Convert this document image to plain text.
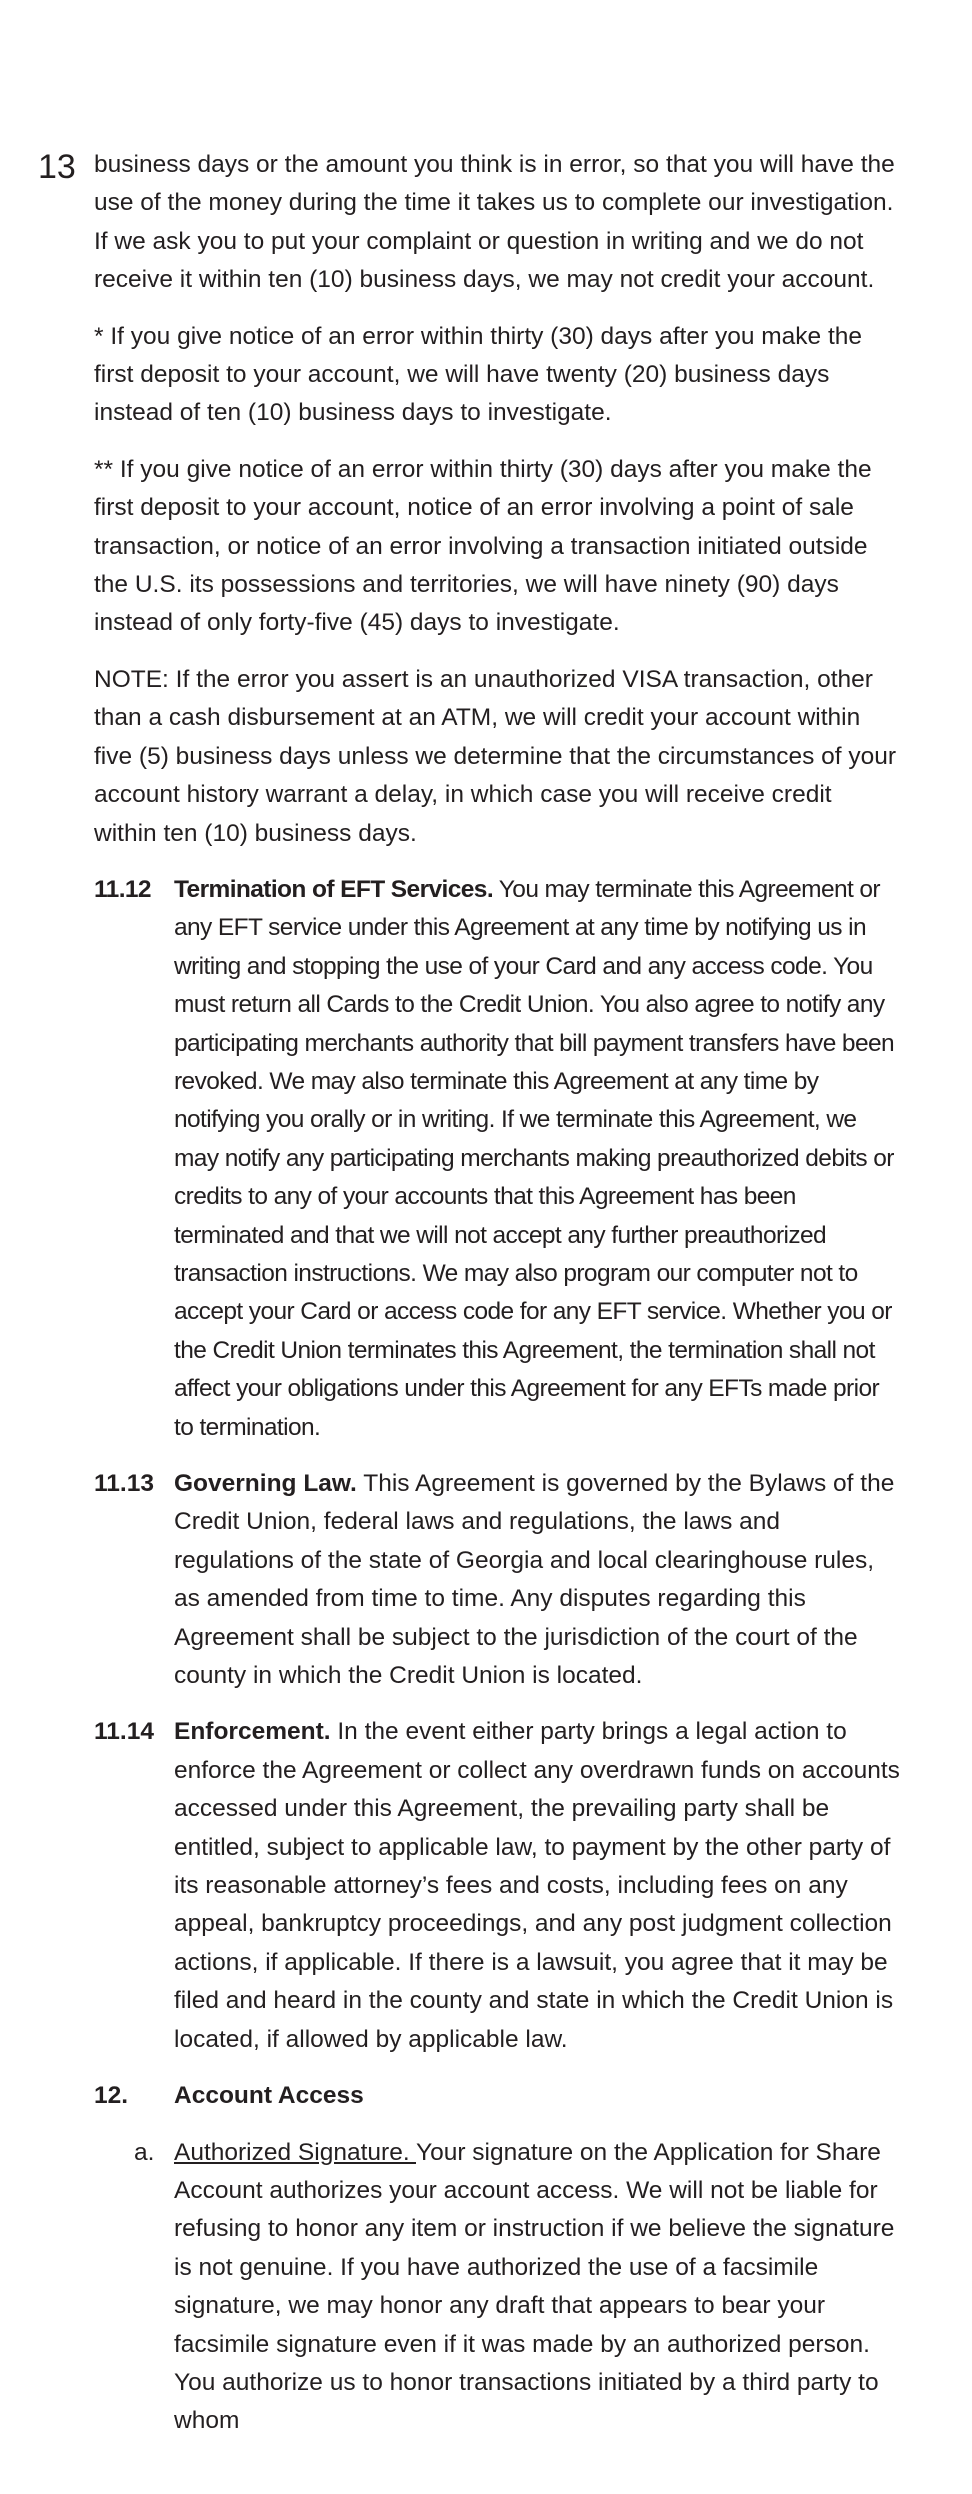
13 business days or the amount you think is in error, so that you will have the use of the money during the time it takes us to complete our investigation. If we ask you to put your complaint or question in writing and we do not receive it within ten (10) business days, we may not credit your account.

* If you give notice of an error within thirty (30) days after you make the first deposit to your account, we will have twenty (20) business days instead of ten (10) business days to investigate.

** If you give notice of an error within thirty (30) days after you make the first deposit to your account, notice of an error involving a point of sale transaction, or notice of an error involving a transaction initiated outside the U.S. its possessions and territories, we will have ninety (90) days instead of only forty-five (45) days to investigate.

NOTE: If the error you assert is an unauthorized VISA transaction, other than a cash disbursement at an ATM, we will credit your account within five (5) business days unless we determine that the circumstances of your account history warrant a delay, in which case you will receive credit within ten (10) business days.

11.12 Termination of EFT Services. You may terminate this Agreement or any EFT service under this Agreement at any time by notifying us in writing and stopping the use of your Card and any access code. You must return all Cards to the Credit Union. You also agree to notify any participating merchants authority that bill payment transfers have been revoked. We may also terminate this Agreement at any time by notifying you orally or in writing. If we terminate this Agreement, we may notify any participating merchants making preauthorized debits or credits to any of your accounts that this Agreement has been terminated and that we will not accept any further preauthorized transaction instructions. We may also program our computer not to accept your Card or access code for any EFT service. Whether you or the Credit Union terminates this Agreement, the termination shall not affect your obligations under this Agreement for any EFTs made prior to termination.
11.13 Governing Law. This Agreement is governed by the Bylaws of the Credit Union, federal laws and regulations, the laws and regulations of the state of Georgia and local clearinghouse rules, as amended from time to time. Any disputes regarding this Agreement shall be subject to the jurisdiction of the court of the county in which the Credit Union is located.
11.14 Enforcement. In the event either party brings a legal action to enforce the Agreement or collect any overdrawn funds on accounts accessed under this Agreement, the prevailing party shall be entitled, subject to applicable law, to payment by the other party of its reasonable attorney’s fees and costs, including fees on any appeal, bankruptcy proceedings, and any post judgment collection actions, if applicable. If there is a lawsuit, you agree that it may be filed and heard in the county and state in which the Credit Union is located, if allowed by applicable law.
12.	Account Access
a. Authorized Signature. Your signature on the Application for Share Account authorizes your account access. We will not be liable for refusing to honor any item or instruction if we believe the signature is not genuine. If you have authorized the use of a facsimile signature, we may honor any draft that appears to bear your facsimile signature even if it was made by an authorized person. You authorize us to honor transactions initiated by a third party to whom
